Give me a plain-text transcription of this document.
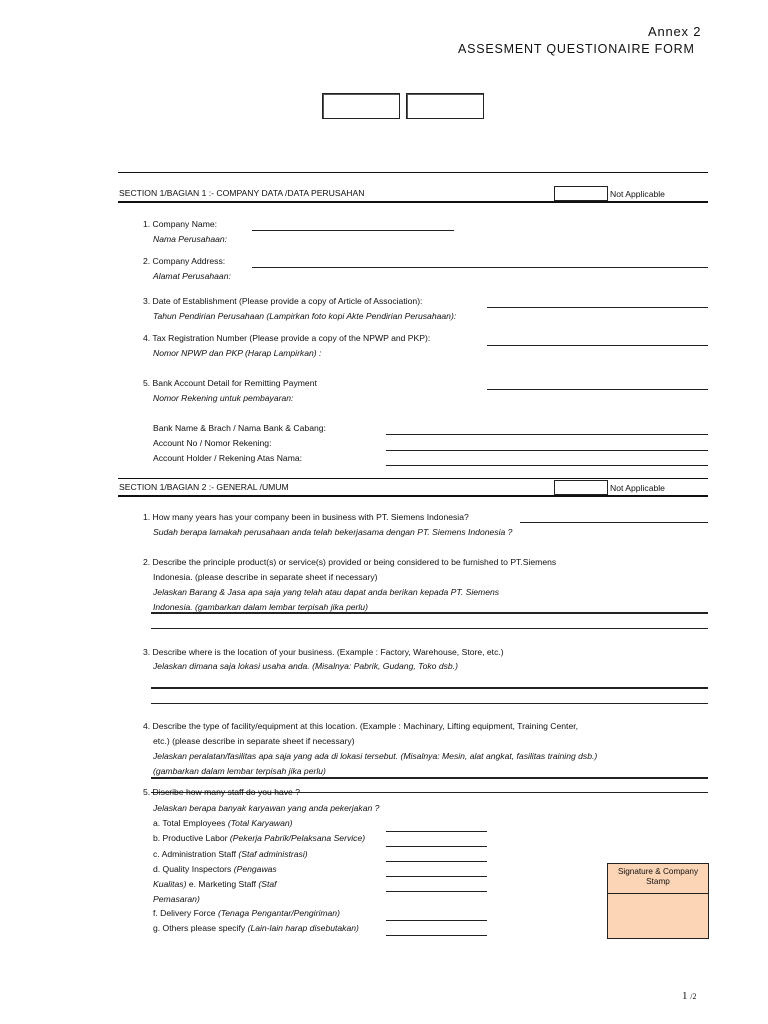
Annex 2
ASSESMENT QUESTIONAIRE FORM
SECTION 1/BAGIAN 1 :- COMPANY DATA /DATA PERUSAHAN	Not Applicable
1. Company Name:
Nama Perusahaan:
2. Company Address:
Alamat Perusahaan:
3. Date of Establishment (Please provide a copy of Article of Association):
Tahun Pendirian Perusahaan (Lampirkan foto kopi Akte Pendirian Perusahaan):
4. Tax Registration Number (Please provide a copy of the NPWP and PKP):
Nomor NPWP dan PKP (Harap Lampirkan) :
5. Bank Account Detail for Remitting Payment
Nomor Rekening untuk pembayaran:
Bank Name & Brach / Nama Bank & Cabang:
Account No / Nomor Rekening:
Account Holder / Rekening Atas Nama:
SECTION 1/BAGIAN 2 :- GENERAL /UMUM	Not Applicable
1. How many years has your company been in business with PT. Siemens Indonesia?
Sudah berapa lamakah perusahaan anda telah bekerjasama dengan PT. Siemens Indonesia ?
2. Describe the principle product(s) or service(s) provided or being considered to be furnished to PT.Siemens
Indonesia. (please describe in separate sheet if necessary)
Jelaskan Barang & Jasa apa saja yang telah atau dapat anda berikan kepada PT. Siemens
Indonesia. (gambarkan dalam lembar terpisah jika perlu)
3. Describe where is the location of your business. (Example : Factory, Warehouse, Store, etc.)
Jelaskan dimana saja lokasi usaha anda. (Misalnya: Pabrik, Gudang, Toko dsb.)
4. Describe the type of facility/equipment at this location. (Example : Machinary, Lifting equipment, Training Center,
etc.) (please describe in separate sheet if necessary)
Jelaskan peralatan/fasilitas apa saja yang ada di lokasi tersebut. (Misalnya: Mesin, alat angkat, fasilitas training dsb.)
(gambarkan dalam lembar terpisah jika perlu)
5. Discribe how many staff do you have ?
Jelaskan berapa banyak karyawan yang anda pekerjakan ?
a. Total Employees (Total Karyawan)
b. Productive Labor (Pekerja Pabrik/Pelaksana Service)
c. Administration Staff (Staf administrasi)
d. Quality Inspectors (Pengawas
Kualitas) e. Marketing Staff (Staf
Pemasaran)
f. Delivery Force (Tenaga Pengantar/Pengiriman)
g. Others please specify (Lain-lain harap disebutakan)
Signature & Company
Stamp
1 /2
